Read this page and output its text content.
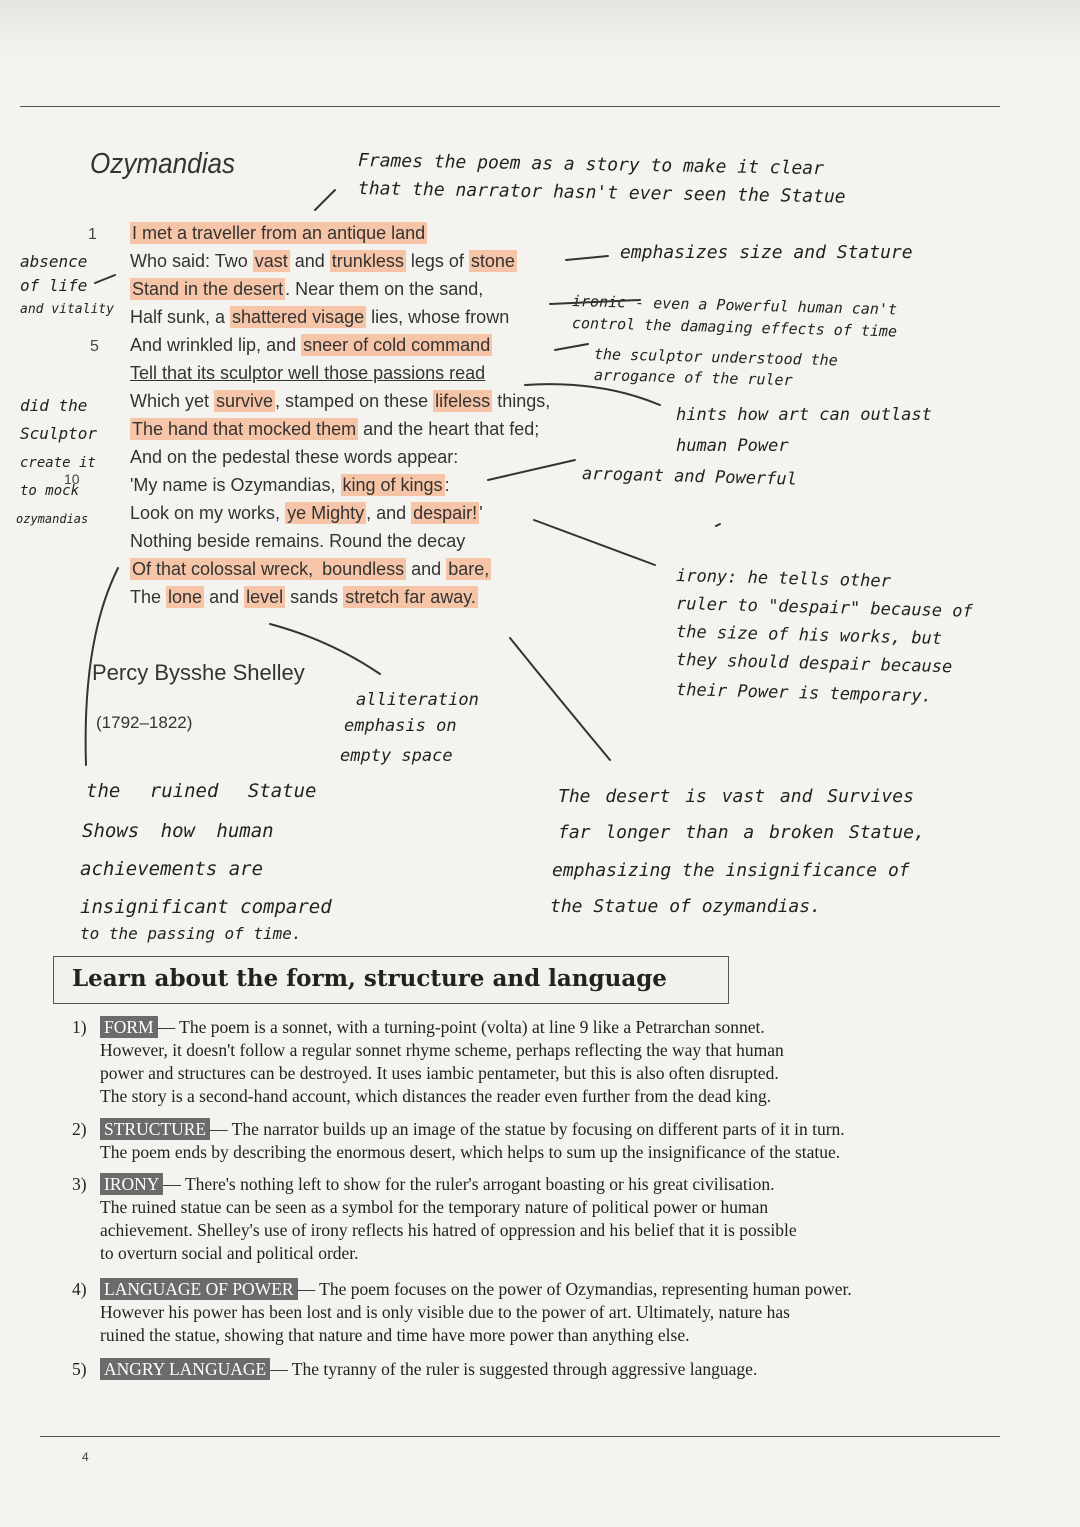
Ozymandias
I met a traveller from an antique land
Who said: Two vast and trunkless legs of stone
Stand in the desert . Near them on the sand,
Half sunk, a shattered visage lies, whose frown
And wrinkled lip, and sneer of cold command
Tell that its sculptor well those passions read
Which yet survive , stamped on these lifeless things,
The hand that mocked them and the heart that fed;
And on the pedestal these words appear:
'My name is Ozymandias, king of kings :
Look on my works, ye Mighty , and despair! '
Nothing beside remains. Round the decay
Of that colossal wreck, boundless and bare,
The lone and level sands stretch far away.
1
5
10
Percy Bysshe Shelley
(1792–1822)
Frames the poem as a story to make it clear
that the narrator hasn't ever seen the Statue
emphasizes size and Stature
absence
of life
and vitality	ironic - even a Powerful human can't
control the damaging effects of time
the sculptor understood the
arrogance of the ruler
did the
Sculptor
create it
to mock
ozymandias
hints how art can outlast
human Power
arrogant and Powerful
irony: he tells other
ruler to "despair" because of
the size of his works, but
they should despair because
their Power is temporary.
alliteration
emphasis on
empty space
the ruined Statue
Shows how human
achievements are
insignificant compared
to the passing of time.
The desert is vast and Survives
far longer than a broken Statue,
emphasizing the insignificance of
the Statue of ozymandias.
Learn about the form, structure and language
1) FORM — The poem is a sonnet, with a turning-point (volta) at line 9 like a Petrarchan sonnet.
However, it doesn't follow a regular sonnet rhyme scheme, perhaps reflecting the way that human
power and structures can be destroyed. It uses iambic pentameter, but this is also often disrupted.
The story is a second-hand account, which distances the reader even further from the dead king.
2) STRUCTURE — The narrator builds up an image of the statue by focusing on different parts of it in turn.
The poem ends by describing the enormous desert, which helps to sum up the insignificance of the statue.
3) IRONY — There's nothing left to show for the ruler's arrogant boasting or his great civilisation.
The ruined statue can be seen as a symbol for the temporary nature of political power or human
achievement. Shelley's use of irony reflects his hatred of oppression and his belief that it is possible
to overturn social and political order.
4) LANGUAGE OF POWER — The poem focuses on the power of Ozymandias, representing human power.
However his power has been lost and is only visible due to the power of art. Ultimately, nature has
ruined the statue, showing that nature and time have more power than anything else.
5) ANGRY LANGUAGE — The tyranny of the ruler is suggested through aggressive language.
4
